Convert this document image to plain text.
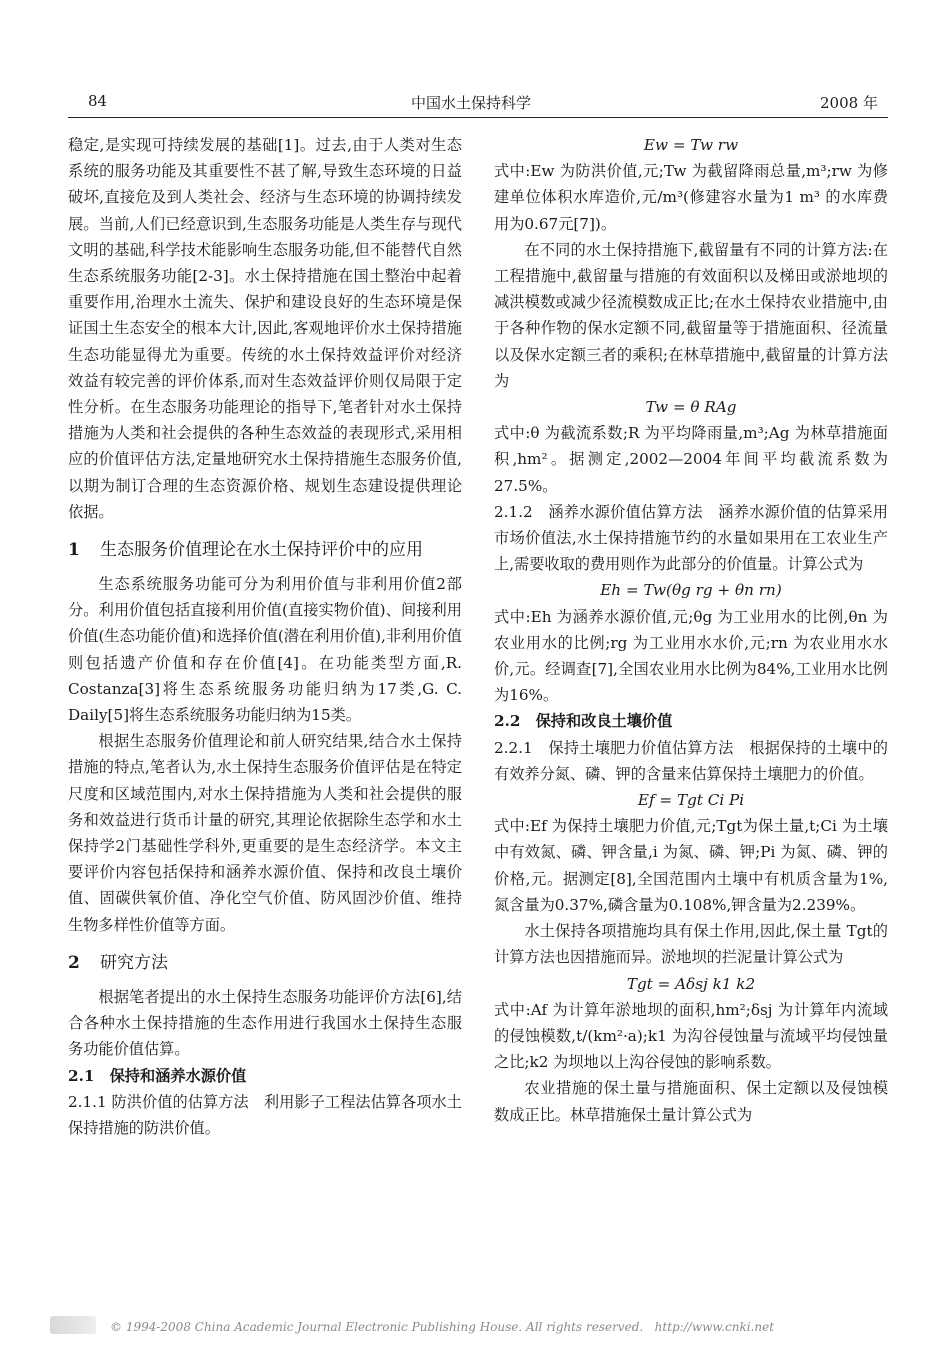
84	中国水土保持科学	2008 年

稳定,是实现可持续发展的基础[1]。过去,由于人类对生态系统的服务功能及其重要性不甚了解,导致生态环境的日益破坏,直接危及到人类社会、经济与生态环境的协调持续发展。当前,人们已经意识到,生态服务功能是人类生存与现代文明的基础,科学技术能影响生态服务功能,但不能替代自然生态系统服务功能[2-3]。水土保持措施在国土整治中起着重要作用,治理水土流失、保护和建设良好的生态环境是保证国土生态安全的根本大计,因此,客观地评价水土保持措施生态功能显得尤为重要。传统的水土保持效益评价对经济效益有较完善的评价体系,而对生态效益评价则仅局限于定性分析。在生态服务功能理论的指导下,笔者针对水土保持措施为人类和社会提供的各种生态效益的表现形式,采用相应的价值评估方法,定量地研究水土保持措施生态服务价值,以期为制订合理的生态资源价格、规划生态建设提供理论依据。

1 生态服务价值理论在水土保持评价中的应用

生态系统服务功能可分为利用价值与非利用价值2部分。利用价值包括直接利用价值(直接实物价值)、间接利用价值(生态功能价值)和选择价值(潜在利用价值),非利用价值则包括遗产价值和存在价值[4]。在功能类型方面,R. Costanza[3]将生态系统服务功能归纳为17类,G. C. Daily[5]将生态系统服务功能归纳为15类。

根据生态服务价值理论和前人研究结果,结合水土保持措施的特点,笔者认为,水土保持生态服务价值评估是在特定尺度和区域范围内,对水土保持措施为人类和社会提供的服务和效益进行货币计量的研究,其理论依据除生态学和水土保持学2门基础性学科外,更重要的是生态经济学。本文主要评价内容包括保持和涵养水源价值、保持和改良土壤价值、固碳供氧价值、净化空气价值、防风固沙价值、维持生物多样性价值等方面。

2 研究方法

根据笔者提出的水土保持生态服务功能评价方法[6],结合各种水土保持措施的生态作用进行我国水土保持生态服务功能价值估算。

2.1　保持和涵养水源价值

2.1.1 防洪价值的估算方法　利用影子工程法估算各项水土保持措施的防洪价值。

Ew = Tw rw

式中:Ew 为防洪价值,元;Tw 为截留降雨总量,m³;rw 为修建单位体积水库造价,元/m³(修建容水量为1 m³ 的水库费用为0.67元[7])。

在不同的水土保持措施下,截留量有不同的计算方法:在工程措施中,截留量与措施的有效面积以及梯田或淤地坝的减洪模数或减少径流模数成正比;在水土保持农业措施中,由于各种作物的保水定额不同,截留量等于措施面积、径流量以及保水定额三者的乘积;在林草措施中,截留量的计算方法为

Tw = θ RAg

式中:θ 为截流系数;R 为平均降雨量,m³;Ag 为林草措施面积,hm²。据测定,2002—2004年间平均截流系数为27.5%。

2.1.2　涵养水源价值估算方法　涵养水源价值的估算采用市场价值法,水土保持措施节约的水量如果用在工农业生产上,需要收取的费用则作为此部分的价值量。计算公式为

Eh = Tw(θg rg + θn rn)

式中:Eh 为涵养水源价值,元;θg 为工业用水的比例,θn 为农业用水的比例;rg 为工业用水水价,元;rn 为农业用水水价,元。经调查[7],全国农业用水比例为84%,工业用水比例为16%。

2.2　保持和改良土壤价值

2.2.1　保持土壤肥力价值估算方法　根据保持的土壤中的有效养分氮、磷、钾的含量来估算保持土壤肥力的价值。

Ef = Tgt Ci Pi

式中:Ef 为保持土壤肥力价值,元;Tgt为保土量,t;Ci 为土壤中有效氮、磷、钾含量,i 为氮、磷、钾;Pi 为氮、磷、钾的价格,元。据测定[8],全国范围内土壤中有机质含量为1%,氮含量为0.37%,磷含量为0.108%,钾含量为2.239%。

水土保持各项措施均具有保土作用,因此,保土量 Tgt的计算方法也因措施而异。淤地坝的拦泥量计算公式为

Tgt = Aδsj k1 k2

式中:Af 为计算年淤地坝的面积,hm²;δsj 为计算年内流域的侵蚀模数,t/(km²·a);k1 为沟谷侵蚀量与流域平均侵蚀量之比;k2 为坝地以上沟谷侵蚀的影响系数。

农业措施的保土量与措施面积、保土定额以及侵蚀模数成正比。林草措施保土量计算公式为

© 1994-2008 China Academic Journal Electronic Publishing House. All rights reserved. http://www.cnki.net
